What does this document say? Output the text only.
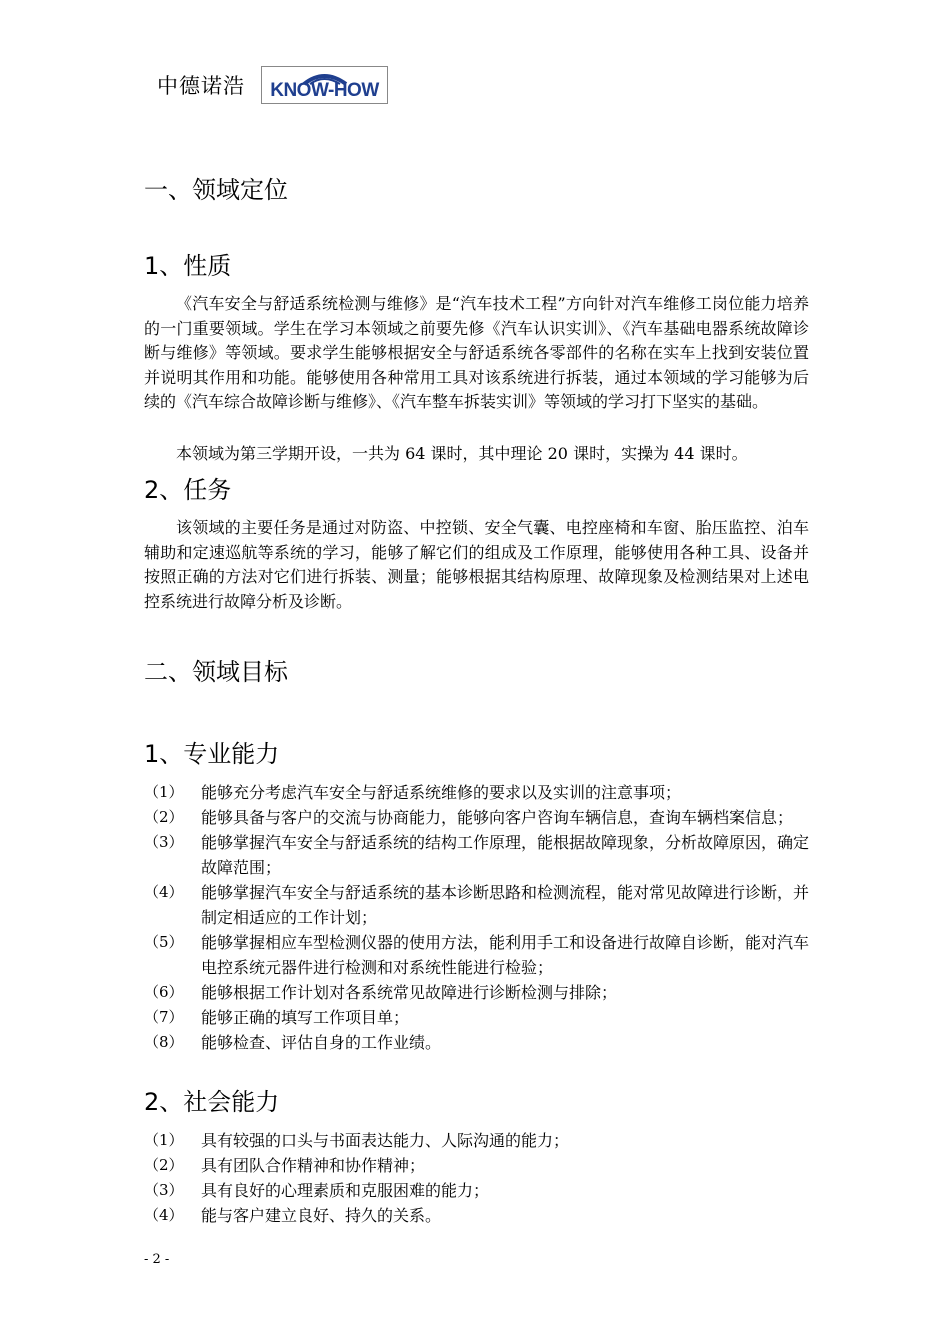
中德诺浩	KNOW-HOW
一、领域定位
1、性质

《汽车安全与舒适系统检测与维修》是“汽车技术工程”方向针对汽车维修工岗位能力培养的一门重要领域。学生在学习本领域之前要先修《汽车认识实训》、《汽车基础电器系统故障诊断与维修》等领域。要求学生能够根据安全与舒适系统各零部件的名称在实车上找到安装位置并说明其作用和功能。能够使用各种常用工具对该系统进行拆装，通过本领域的学习能够为后续的《汽车综合故障诊断与维修》、《汽车整车拆装实训》等领域的学习打下坚实的基础。

本领域为第三学期开设，一共为 64 课时，其中理论 20 课时，实操为 44 课时。

2、任务

该领域的主要任务是通过对防盗、中控锁、安全气囊、电控座椅和车窗、胎压监控、泊车辅助和定速巡航等系统的学习，能够了解它们的组成及工作原理，能够使用各种工具、设备并按照正确的方法对它们进行拆装、测量；能够根据其结构原理、故障现象及检测结果对上述电控系统进行故障分析及诊断。

二、领域目标
1、专业能力
（1）	能够充分考虑汽车安全与舒适系统维修的要求以及实训的注意事项；
（2）	能够具备与客户的交流与协商能力，能够向客户咨询车辆信息，查询车辆档案信息；
（3）	能够掌握汽车安全与舒适系统的结构工作原理，能根据故障现象，分析故障原因，确定故障范围；
（4）	能够掌握汽车安全与舒适系统的基本诊断思路和检测流程，能对常见故障进行诊断，并制定相适应的工作计划；
（5）	能够掌握相应车型检测仪器的使用方法，能利用手工和设备进行故障自诊断，能对汽车电控系统元器件进行检测和对系统性能进行检验；
（6）	能够根据工作计划对各系统常见故障进行诊断检测与排除；
（7）	能够正确的填写工作项目单；
（8）	能够检查、评估自身的工作业绩。
2、社会能力
（1）	具有较强的口头与书面表达能力、人际沟通的能力；
（2）	具有团队合作精神和协作精神；
（3）	具有良好的心理素质和克服困难的能力；
（4）	能与客户建立良好、持久的关系。
- 2 -
